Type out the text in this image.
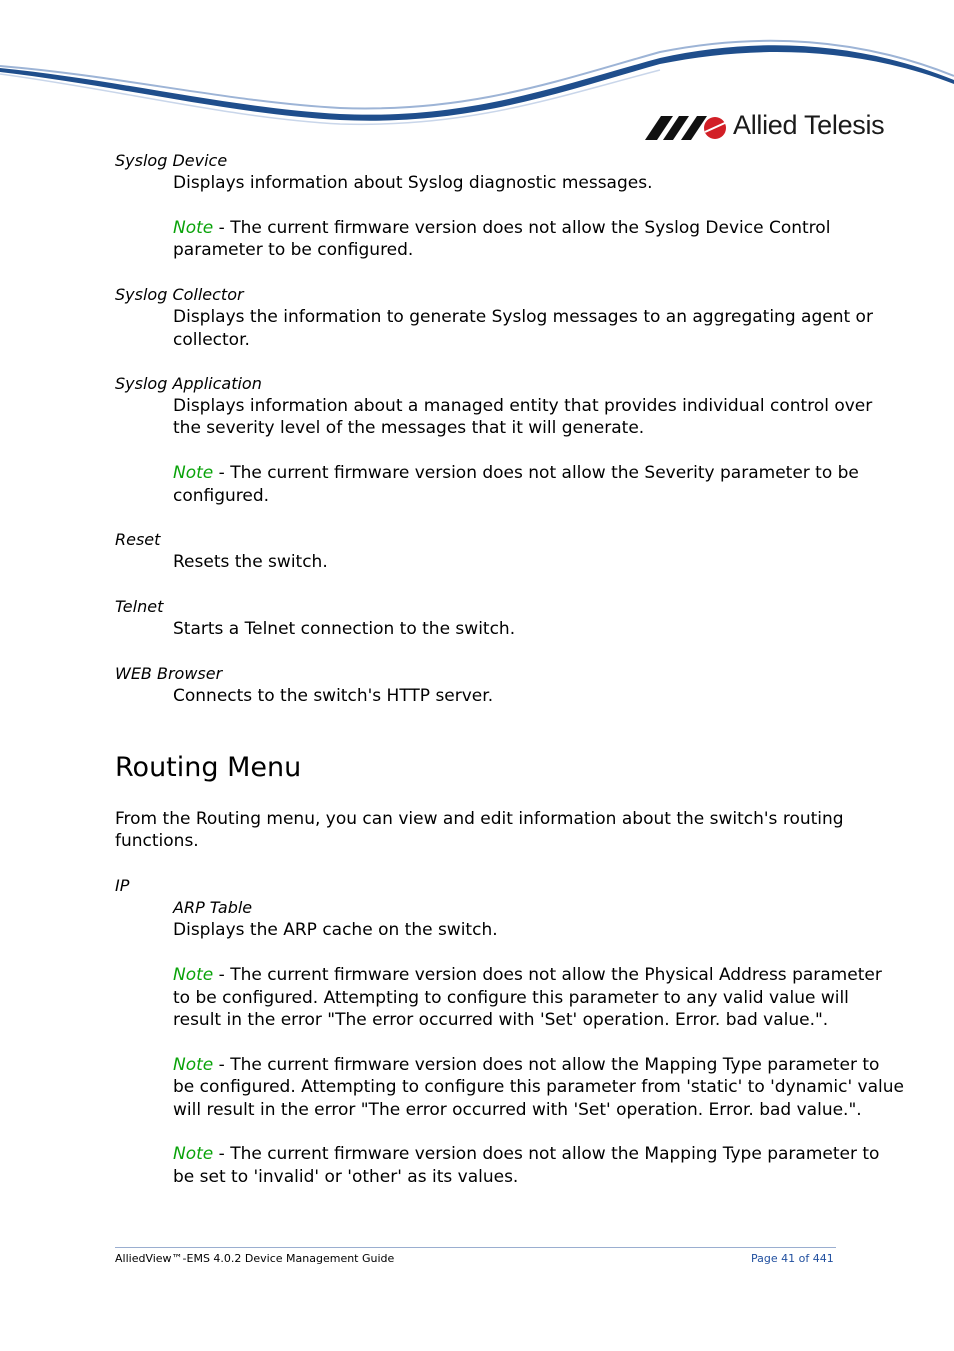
Allied Telesis
Syslog Device
Displays information about Syslog diagnostic messages.
Note - The current firmware version does not allow the Syslog Device Control
parameter to be configured.
Syslog Collector
Displays the information to generate Syslog messages to an aggregating agent or
collector.
Syslog Application
Displays information about a managed entity that provides individual control over
the severity level of the messages that it will generate.
Note - The current firmware version does not allow the Severity parameter to be
configured.
Reset
Resets the switch.
Telnet
Starts a Telnet connection to the switch.
WEB Browser
Connects to the switch's HTTP server.
Routing Menu
From the Routing menu, you can view and edit information about the switch's routing
functions.
IP
ARP Table
Displays the ARP cache on the switch.
Note - The current firmware version does not allow the Physical Address parameter
to be configured. Attempting to configure this parameter to any valid value will
result in the error "The error occurred with 'Set' operation. Error. bad value.".
Note - The current firmware version does not allow the Mapping Type parameter to
be configured. Attempting to configure this parameter from 'static' to 'dynamic' value
will result in the error "The error occurred with 'Set' operation. Error. bad value.".
Note - The current firmware version does not allow the Mapping Type parameter to
be set to 'invalid' or 'other' as its values.
AlliedView™-EMS 4.0.2 Device Management Guide	Page 41 of 441
